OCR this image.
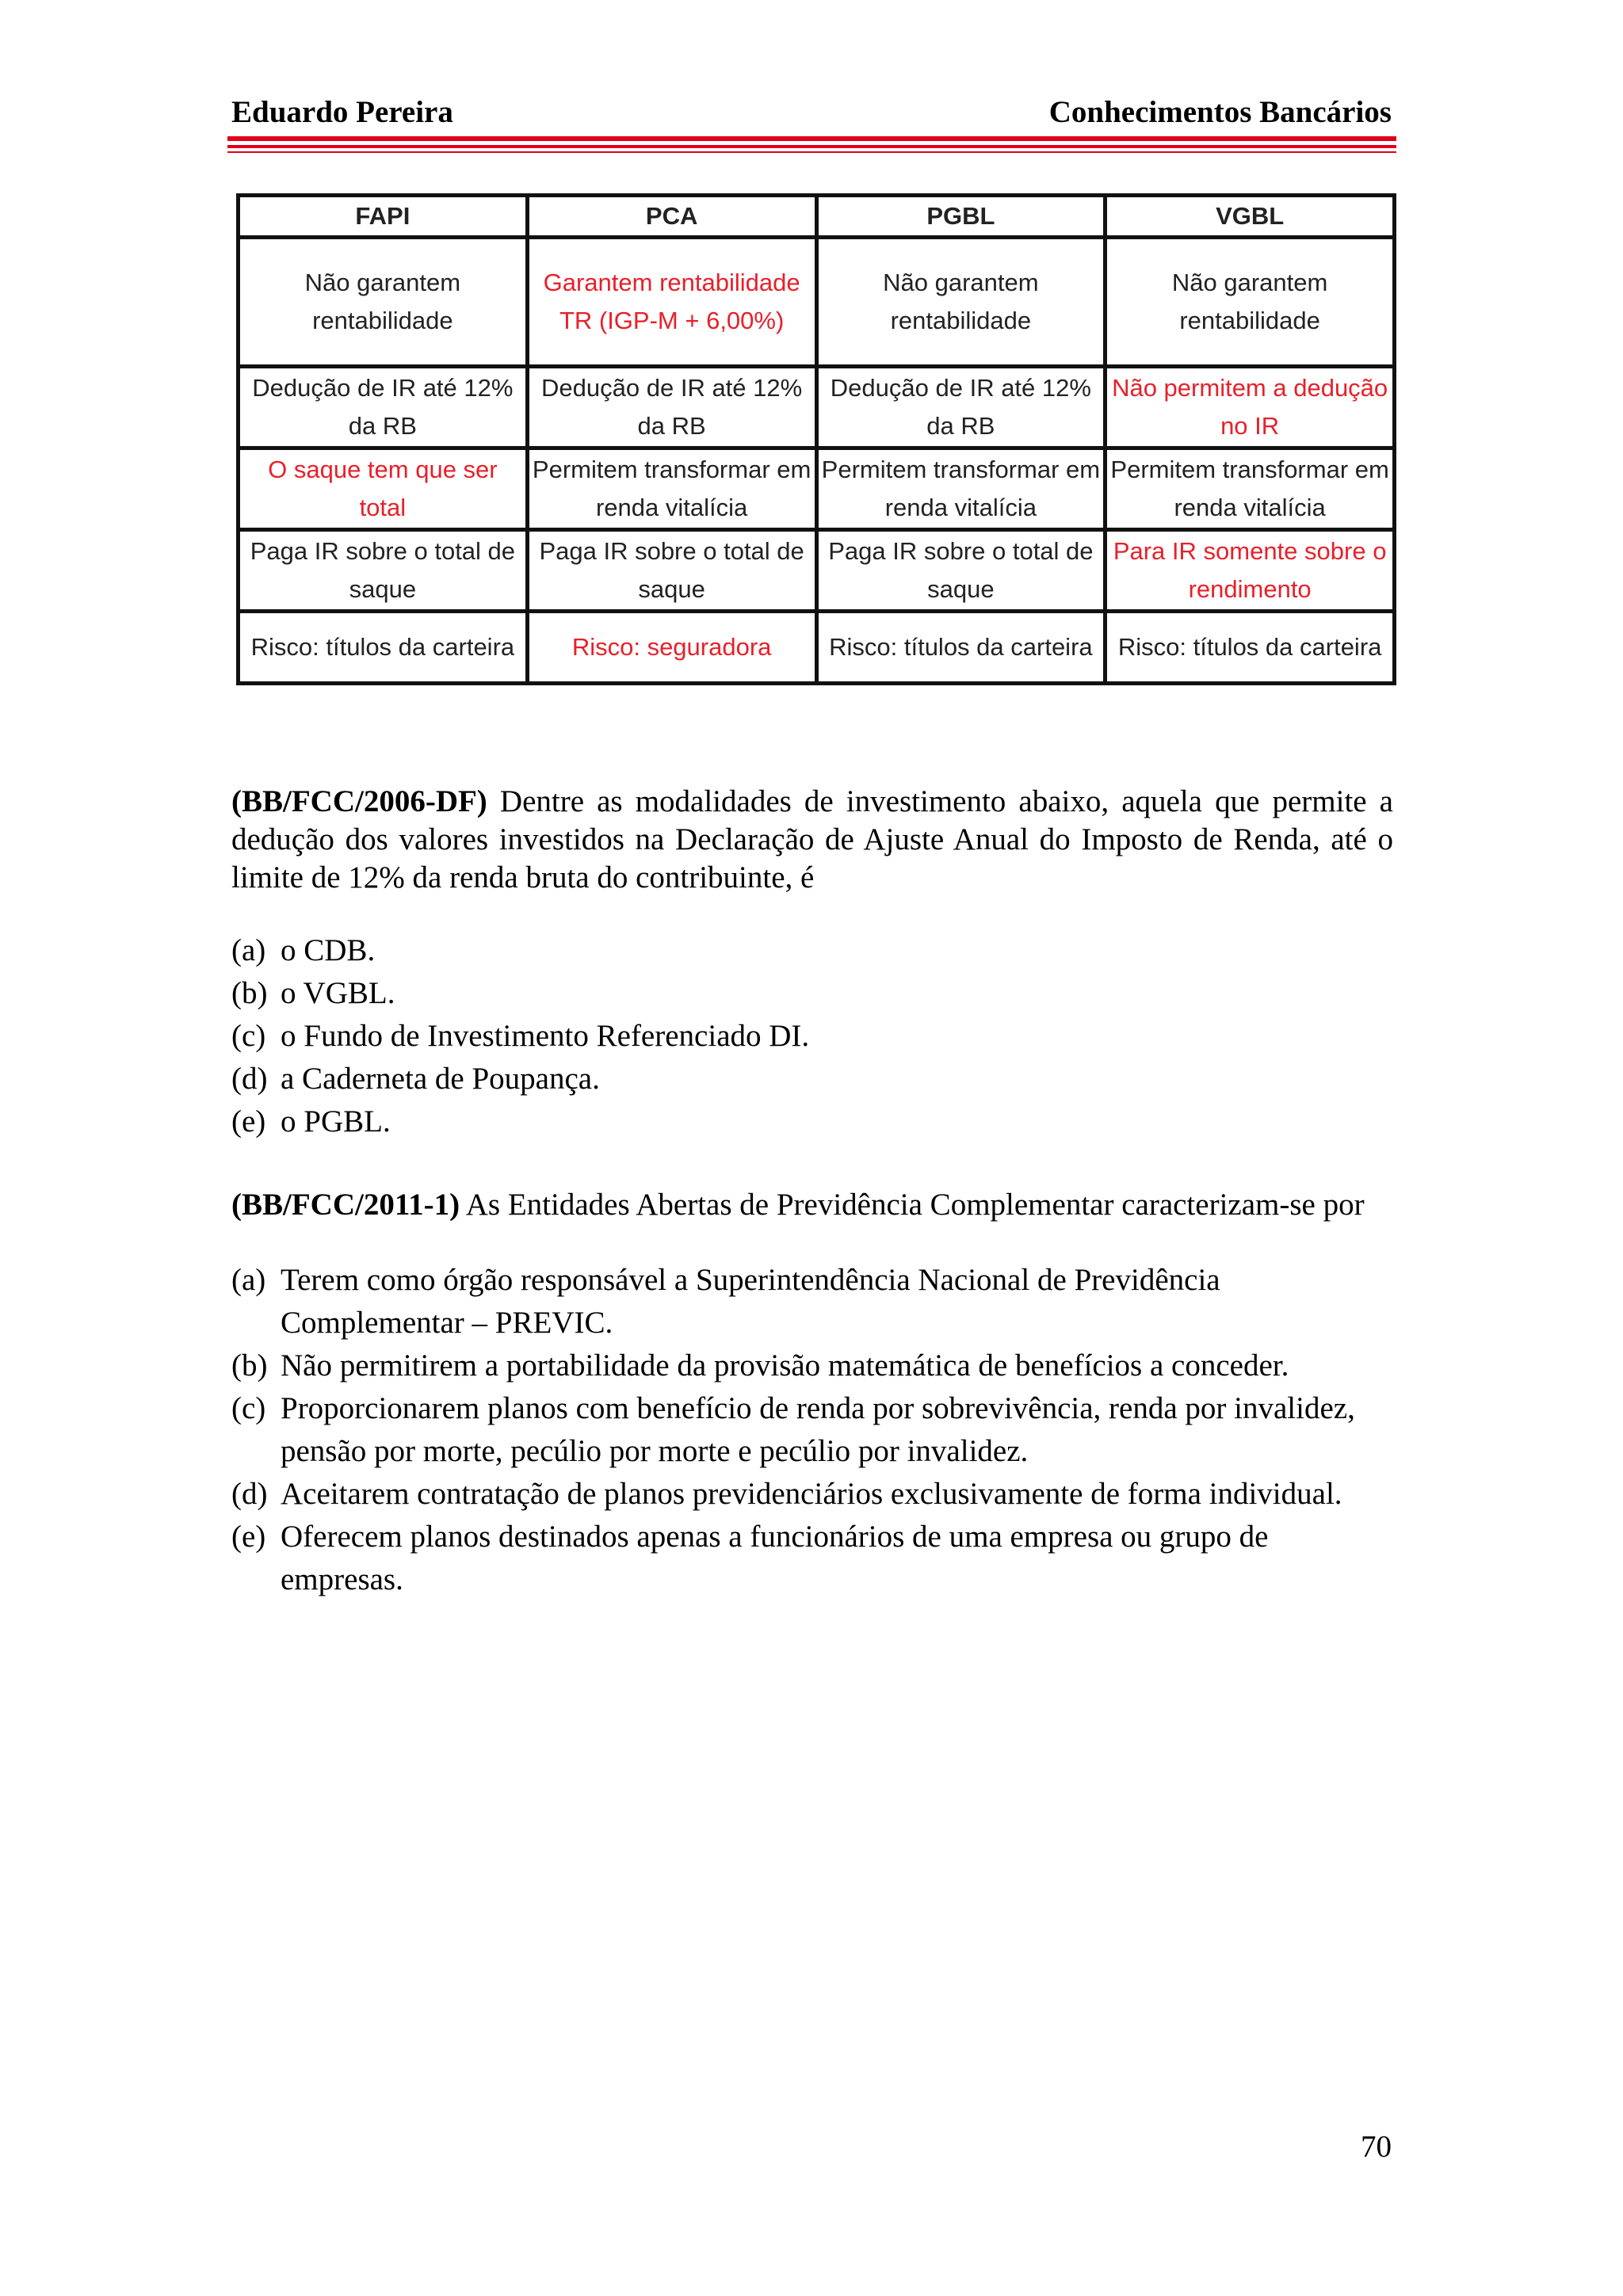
Eduardo Pereira	Conhecimentos Bancários
FAPI	PCA	PGBL	VGBL
Não garantem rentabilidade	Garantem rentabilidade TR (IGP-M + 6,00%)	Não garantem rentabilidade	Não garantem rentabilidade
Dedução de IR até 12% da RB	Dedução de IR até 12% da RB	Dedução de IR até 12% da RB	Não permitem a dedução no IR
O saque tem que ser total	Permitem transformar em renda vitalícia	Permitem transformar em renda vitalícia	Permitem transformar em renda vitalícia
Paga IR sobre o total de saque	Paga IR sobre o total de saque	Paga IR sobre o total de saque	Para IR somente sobre o rendimento
Risco: títulos da carteira	Risco: seguradora	Risco: títulos da carteira	Risco: títulos da carteira

(BB/FCC/2006-DF) Dentre as modalidades de investimento abaixo, aquela que permite a dedução dos valores investidos na Declaração de Ajuste Anual do Imposto de Renda, até o limite de 12% da renda bruta do contribuinte, é

(a) o CDB.
(b) o VGBL.
(c) o Fundo de Investimento Referenciado DI.
(d) a Caderneta de Poupança.
(e) o PGBL.

(BB/FCC/2011-1) As Entidades Abertas de Previdência Complementar caracterizam-se por

(a) Terem como órgão responsável a Superintendência Nacional de Previdência Complementar – PREVIC.
(b) Não permitirem a portabilidade da provisão matemática de benefícios a conceder.
(c) Proporcionarem planos com benefício de renda por sobrevivência, renda por invalidez, pensão por morte, pecúlio por morte e pecúlio por invalidez.
(d) Aceitarem contratação de planos previdenciários exclusivamente de forma individual.
(e) Oferecem planos destinados apenas a funcionários de uma empresa ou grupo de empresas.
70
